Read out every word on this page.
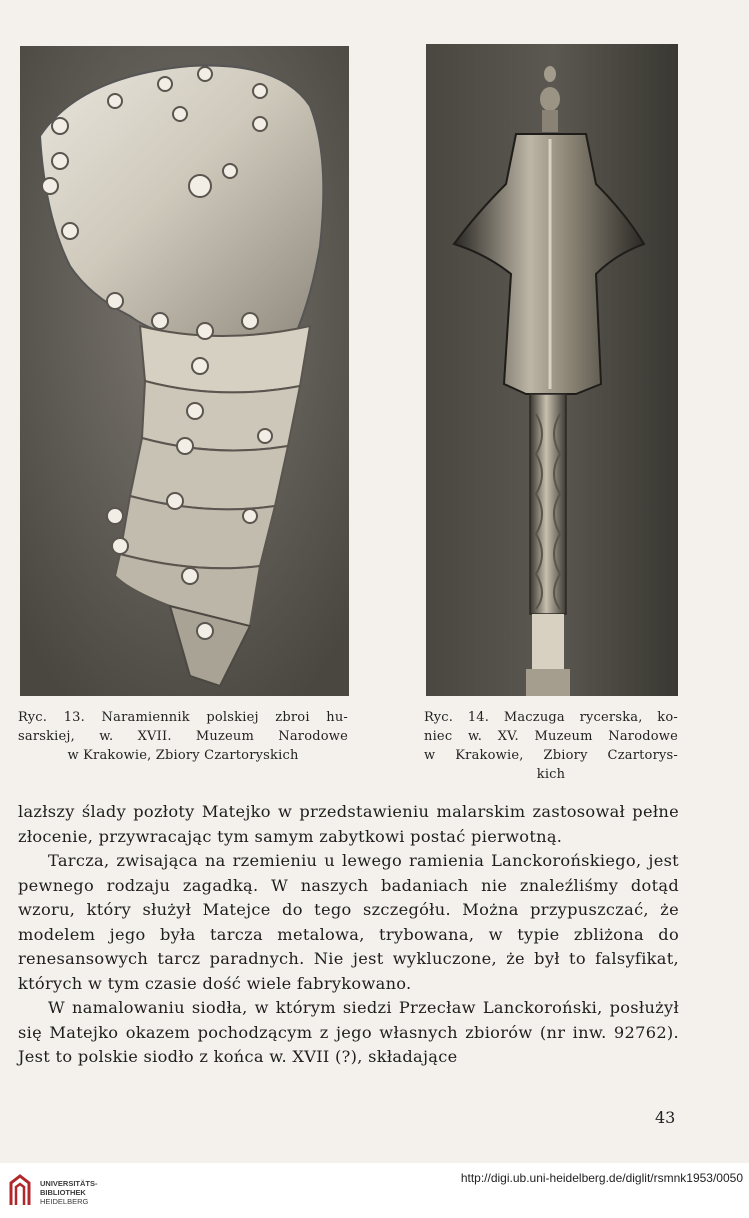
Ryc. 13. Naramiennik polskiej zbroi hu-
sarskiej, w. XVII. Muzeum Narodowe
w Krakowie, Zbiory Czartoryskich
Ryc. 14. Maczuga rycerska, ko-
niec w. XV. Muzeum Narodowe
w Krakowie, Zbiory Czartorys-
kich

lazłszy ślady pozłoty Matejko w przedstawieniu malarskim zastosował pełne złocenie, przywracając tym samym zabytkowi postać pierwotną.

Tarcza, zwisająca na rzemieniu u lewego ramienia Lanckorońskiego, jest pewnego rodzaju zagadką. W naszych badaniach nie znaleźliśmy dotąd wzoru, który służył Matejce do tego szczegółu. Można przypuszczać, że modelem jego była tarcza metalowa, trybowana, w typie zbliżona do renesansowych tarcz paradnych. Nie jest wykluczone, że był to falsyfikat, których w tym czasie dość wiele fabrykowano.

W namalowaniu siodła, w którym siedzi Przecław Lanckoroński, posłużył się Matejko okazem pochodzącym z jego własnych zbiorów (nr inw. 92762). Jest to polskie siodło z końca w. XVII (?), składające

43
UNIVERSITÄTS-
BIBLIOTHEK
HEIDELBERG
http://digi.ub.uni-heidelberg.de/diglit/rsmnk1953/0050
